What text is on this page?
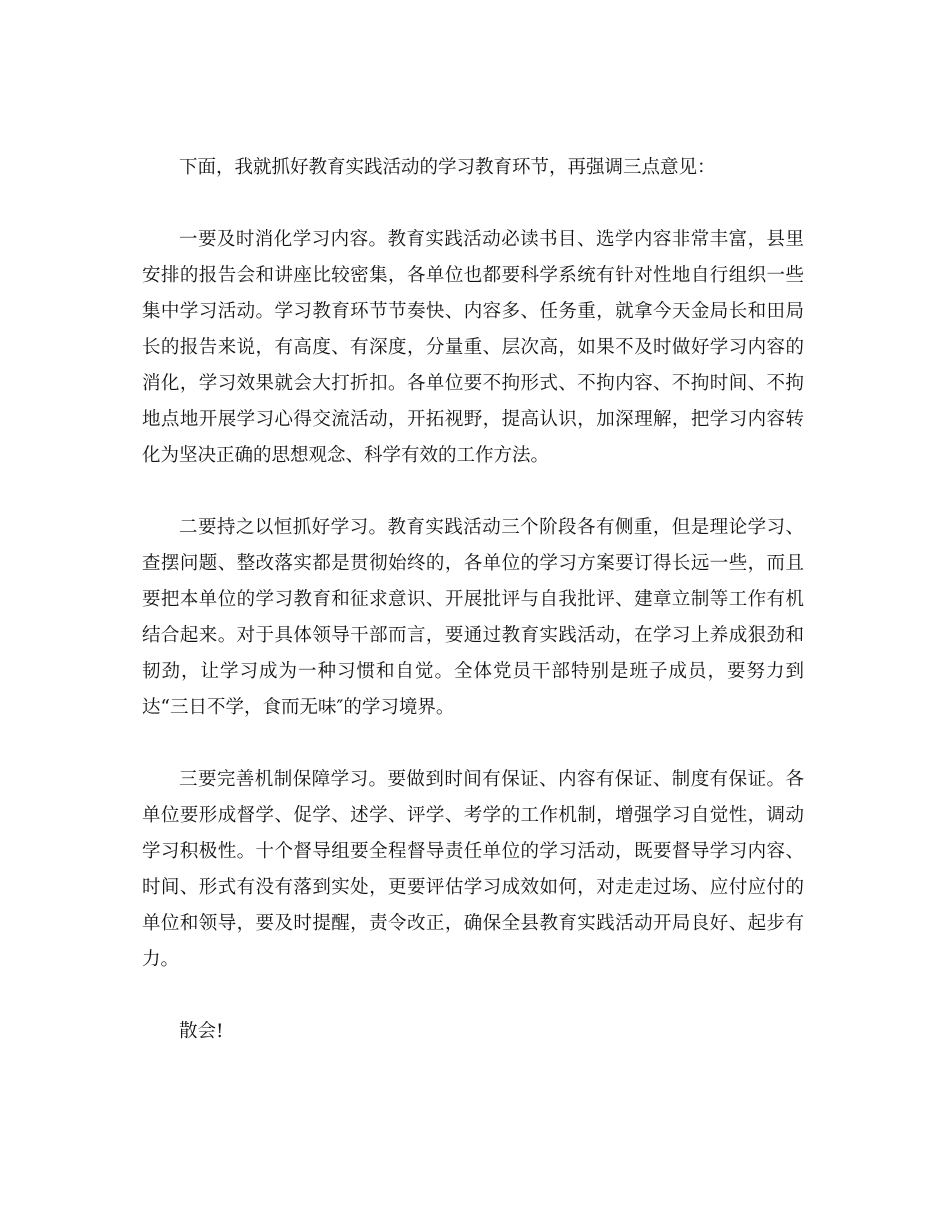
下面，我就抓好教育实践活动的学习教育环节，再强调三点意见：

一要及时消化学习内容。教育实践活动必读书目、选学内容非常丰富，县里安排的报告会和讲座比较密集，各单位也都要科学系统有针对性地自行组织一些集中学习活动。学习教育环节节奏快、内容多、任务重，就拿今天金局长和田局长的报告来说，有高度、有深度，分量重、层次高，如果不及时做好学习内容的消化，学习效果就会大打折扣。各单位要不拘形式、不拘内容、不拘时间、不拘地点地开展学习心得交流活动，开拓视野，提高认识，加深理解，把学习内容转化为坚决正确的思想观念、科学有效的工作方法。

二要持之以恒抓好学习。教育实践活动三个阶段各有侧重，但是理论学习、查摆问题、整改落实都是贯彻始终的，各单位的学习方案要订得长远一些，而且要把本单位的学习教育和征求意识、开展批评与自我批评、建章立制等工作有机结合起来。对于具体领导干部而言，要通过教育实践活动，在学习上养成狠劲和韧劲，让学习成为一种习惯和自觉。全体党员干部特别是班子成员，要努力到达“三日不学，食而无味″的学习境界。

三要完善机制保障学习。要做到时间有保证、内容有保证、制度有保证。各单位要形成督学、促学、述学、评学、考学的工作机制，增强学习自觉性，调动学习积极性。十个督导组要全程督导责任单位的学习活动，既要督导学习内容、时间、形式有没有落到实处，更要评估学习成效如何，对走走过场、应付应付的单位和领导，要及时提醒，责令改正，确保全县教育实践活动开局良好、起步有力。

散会!
